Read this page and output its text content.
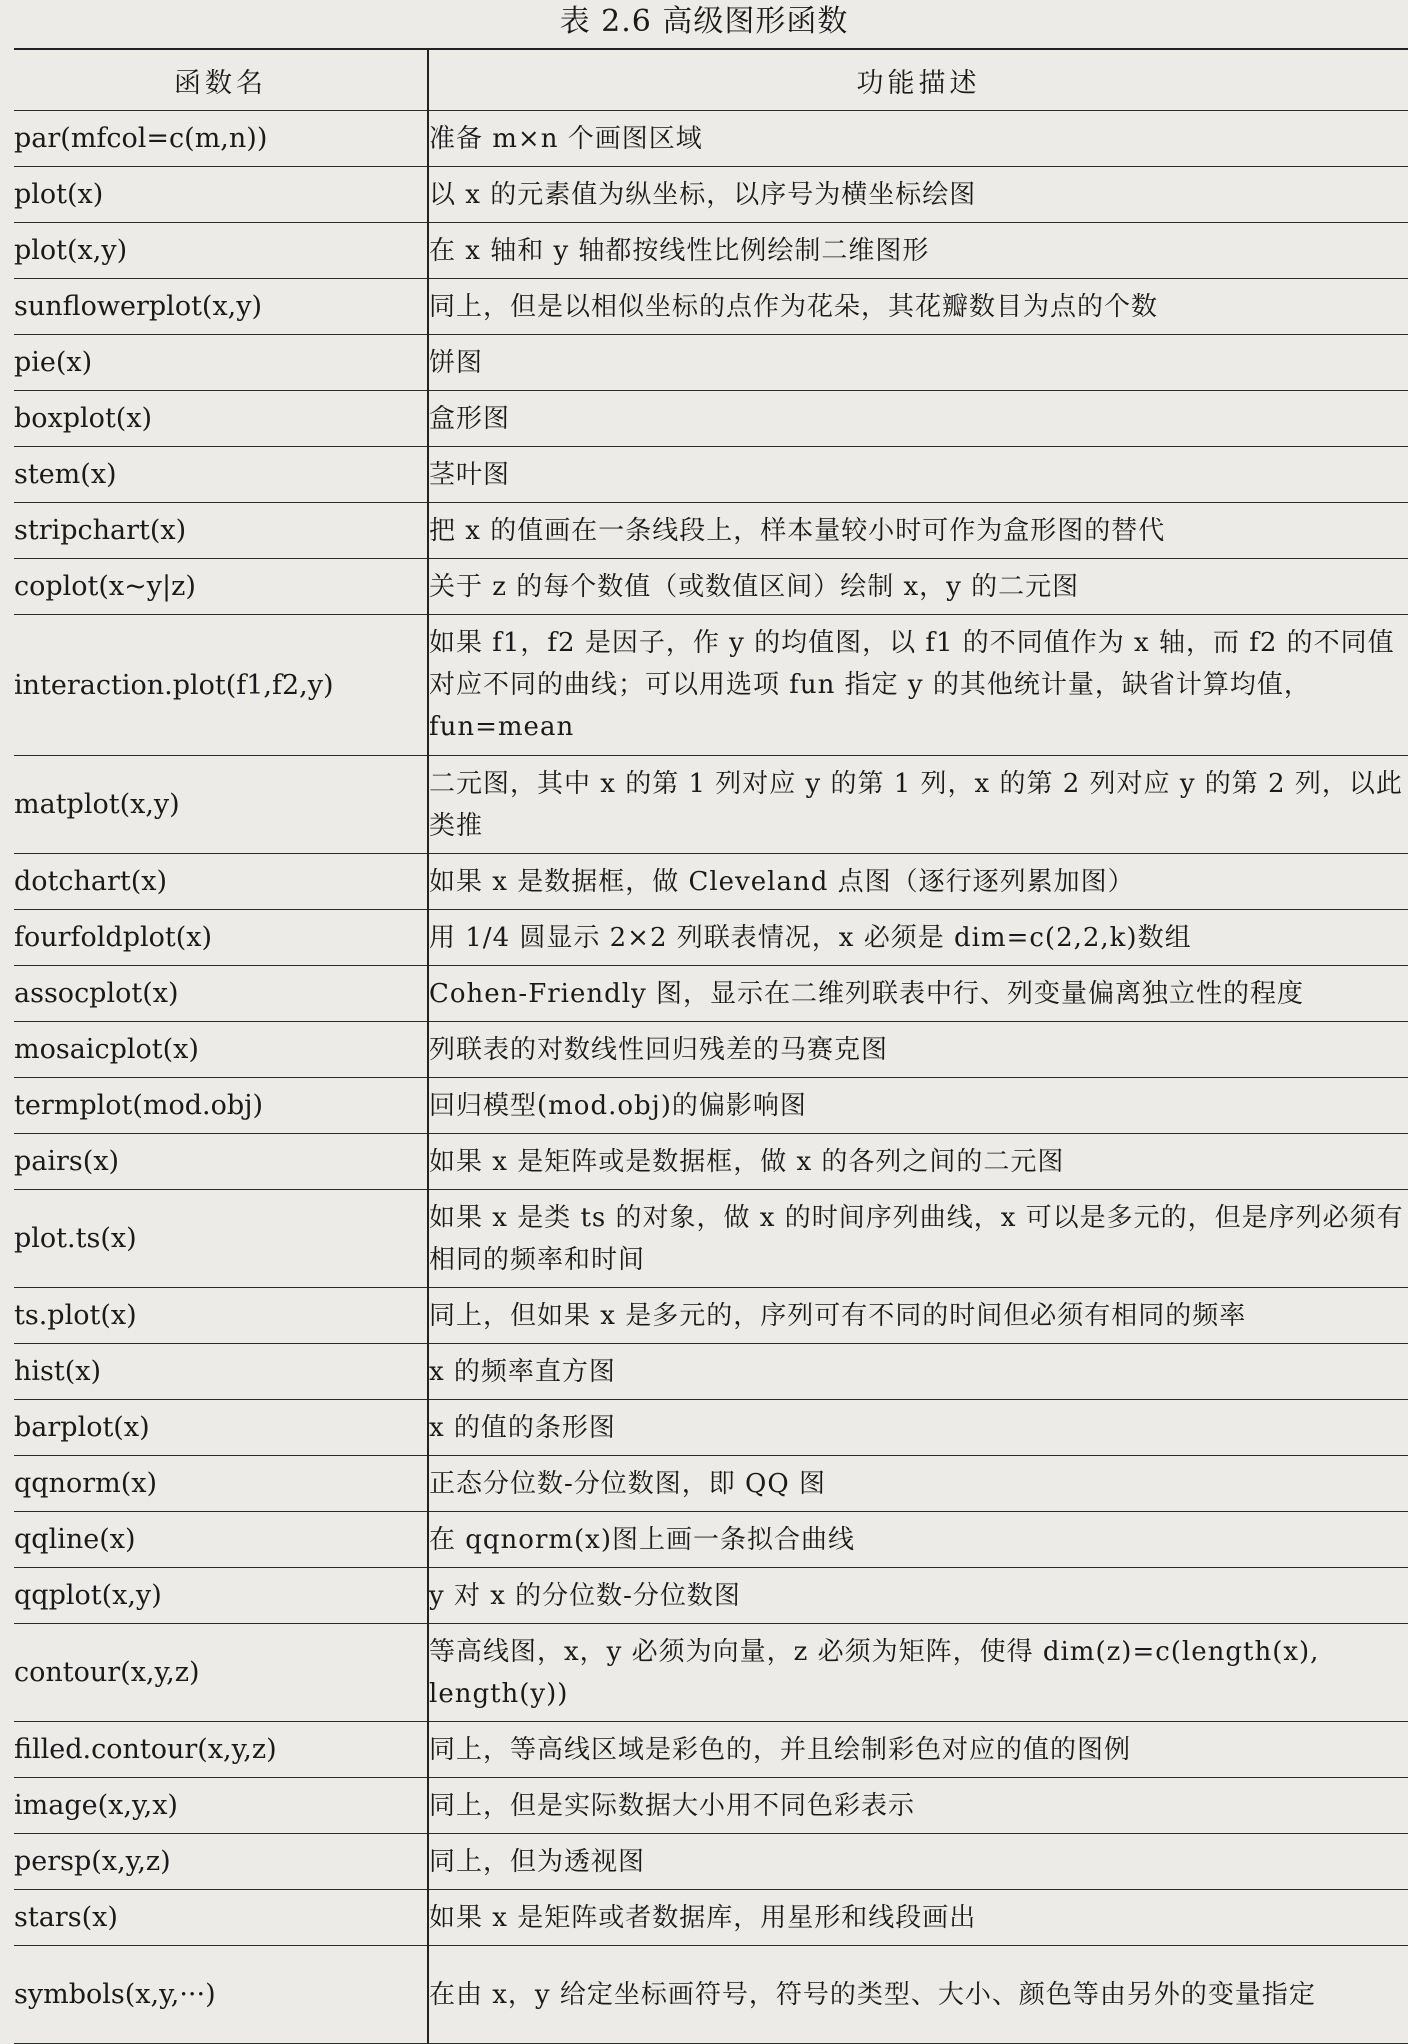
表 2.6 高级图形函数
函数名	功能描述
par(mfcol=c(m,n))	准备 m×n 个画图区域
plot(x)	以 x 的元素值为纵坐标，以序号为横坐标绘图
plot(x,y)	在 x 轴和 y 轴都按线性比例绘制二维图形
sunflowerplot(x,y)	同上，但是以相似坐标的点作为花朵，其花瓣数目为点的个数
pie(x)	饼图
boxplot(x)	盒形图
stem(x)	茎叶图
stripchart(x)	把 x 的值画在一条线段上，样本量较小时可作为盒形图的替代
coplot(x~y|z)	关于 z 的每个数值（或数值区间）绘制 x，y 的二元图
interaction.plot(f1,f2,y)	如果 f1，f2 是因子，作 y 的均值图，以 f1 的不同值作为 x 轴，而 f2 的不同值对应不同的曲线；可以用选项 fun 指定 y 的其他统计量，缺省计算均值，fun=mean
matplot(x,y)	二元图，其中 x 的第 1 列对应 y 的第 1 列，x 的第 2 列对应 y 的第 2 列，以此类推
dotchart(x)	如果 x 是数据框，做 Cleveland 点图（逐行逐列累加图）
fourfoldplot(x)	用 1/4 圆显示 2×2 列联表情况，x 必须是 dim=c(2,2,k)数组
assocplot(x)	Cohen-Friendly 图，显示在二维列联表中行、列变量偏离独立性的程度
mosaicplot(x)	列联表的对数线性回归残差的马赛克图
termplot(mod.obj)	回归模型(mod.obj)的偏影响图
pairs(x)	如果 x 是矩阵或是数据框，做 x 的各列之间的二元图
plot.ts(x)	如果 x 是类 ts 的对象，做 x 的时间序列曲线，x 可以是多元的，但是序列必须有相同的频率和时间
ts.plot(x)	同上，但如果 x 是多元的，序列可有不同的时间但必须有相同的频率
hist(x)	x 的频率直方图
barplot(x)	x 的值的条形图
qqnorm(x)	正态分位数-分位数图，即 QQ 图
qqline(x)	在 qqnorm(x)图上画一条拟合曲线
qqplot(x,y)	y 对 x 的分位数-分位数图
contour(x,y,z)	等高线图，x，y 必须为向量，z 必须为矩阵，使得 dim(z)=c(length(x), length(y))
filled.contour(x,y,z)	同上，等高线区域是彩色的，并且绘制彩色对应的值的图例
image(x,y,x)	同上，但是实际数据大小用不同色彩表示
persp(x,y,z)	同上，但为透视图
stars(x)	如果 x 是矩阵或者数据库，用星形和线段画出
symbols(x,y,···)	在由 x，y 给定坐标画符号，符号的类型、大小、颜色等由另外的变量指定
